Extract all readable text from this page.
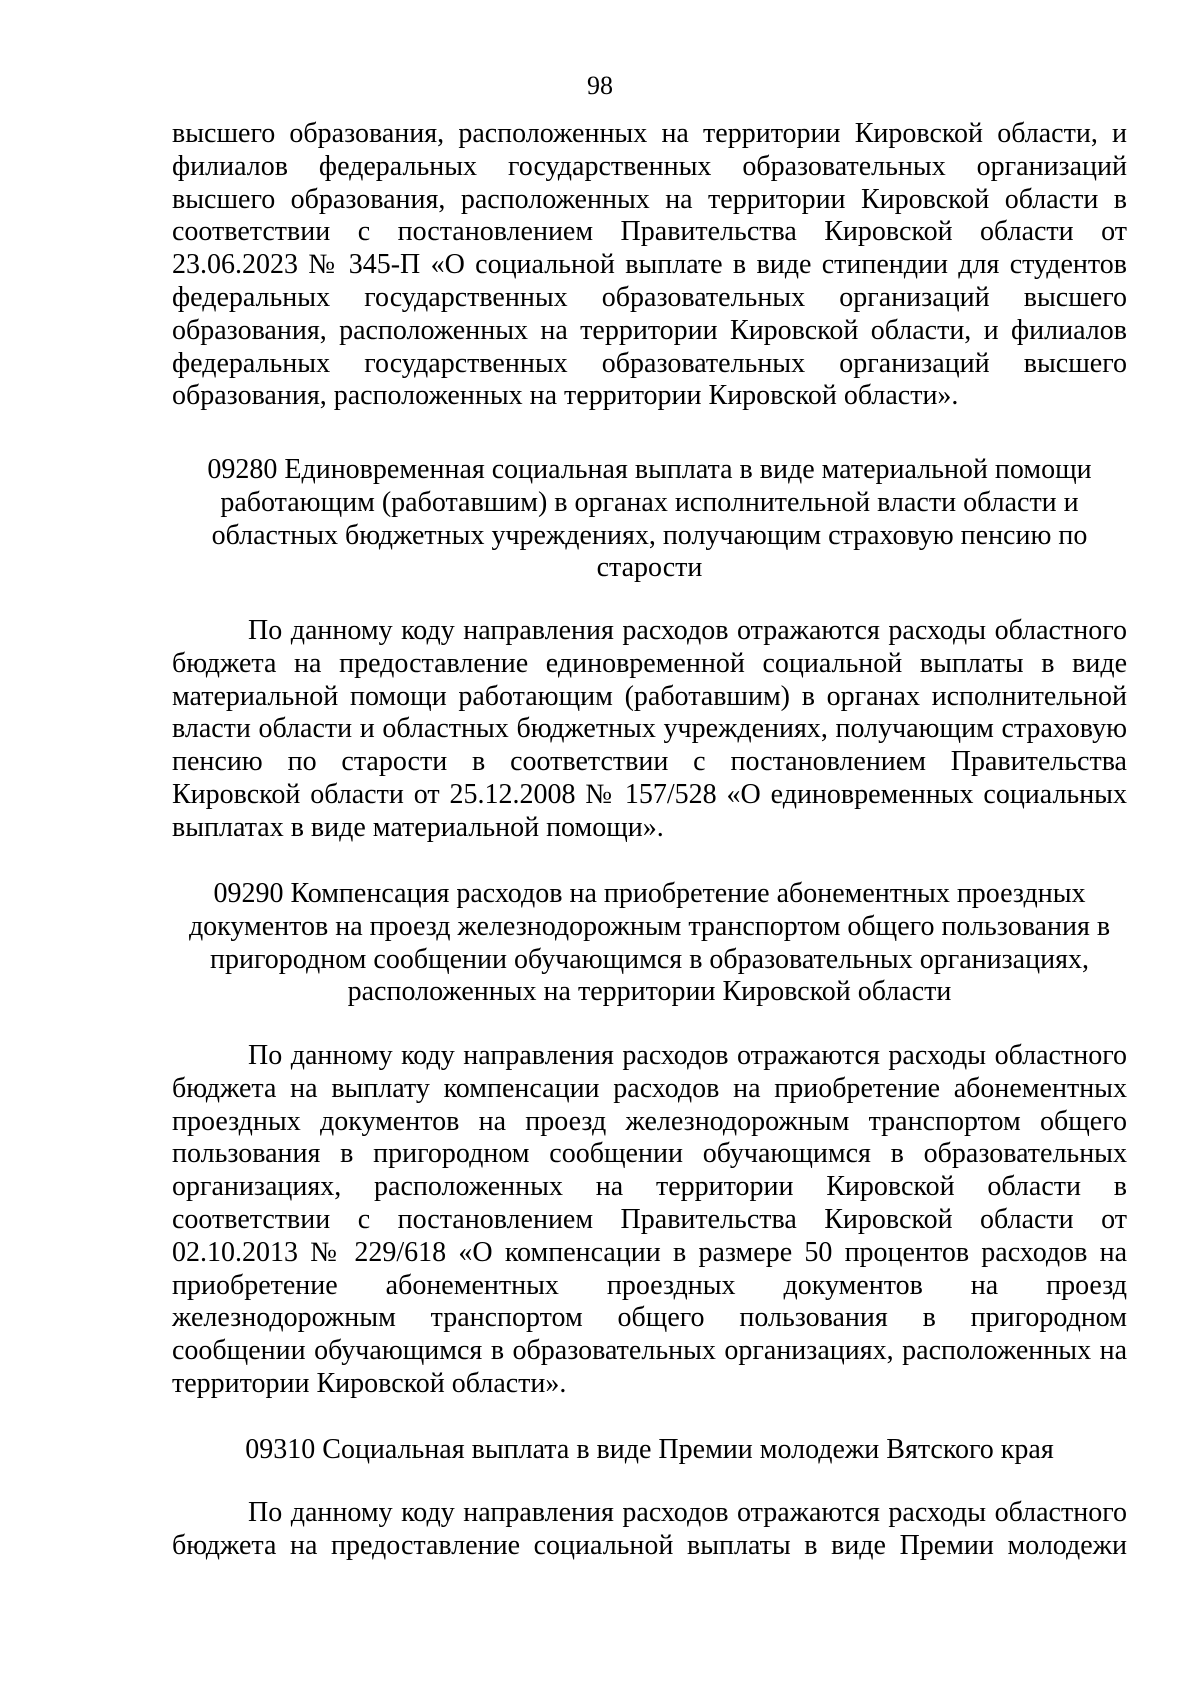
98
высшего образования, расположенных на территории Кировской области, и
филиалов федеральных государственных образовательных организаций
высшего образования, расположенных на территории Кировской области в
соответствии с постановлением Правительства Кировской области от
23.06.2023 № 345-П «О социальной выплате в виде стипендии для студентов
федеральных государственных образовательных организаций высшего
образования, расположенных на территории Кировской области, и филиалов
федеральных государственных образовательных организаций высшего
образования, расположенных на территории Кировской области».
09280 Единовременная социальная выплата в виде материальной помощи
работающим (работавшим) в органах исполнительной власти области и
областных бюджетных учреждениях, получающим страховую пенсию по
старости
По данному коду направления расходов отражаются расходы областного
бюджета на предоставление единовременной социальной выплаты в виде
материальной помощи работающим (работавшим) в органах исполнительной
власти области и областных бюджетных учреждениях, получающим страховую
пенсию по старости в соответствии с постановлением Правительства
Кировской области от 25.12.2008 № 157/528 «О единовременных социальных
выплатах в виде материальной помощи».
09290 Компенсация расходов на приобретение абонементных проездных
документов на проезд железнодорожным транспортом общего пользования в
пригородном сообщении обучающимся в образовательных организациях,
расположенных на территории Кировской области
По данному коду направления расходов отражаются расходы областного
бюджета на выплату компенсации расходов на приобретение абонементных
проездных документов на проезд железнодорожным транспортом общего
пользования в пригородном сообщении обучающимся в образовательных
организациях, расположенных на территории Кировской области в
соответствии с постановлением Правительства Кировской области от
02.10.2013 № 229/618 «О компенсации в размере 50 процентов расходов на
приобретение абонементных проездных документов на проезд
железнодорожным транспортом общего пользования в пригородном
сообщении обучающимся в образовательных организациях, расположенных на
территории Кировской области».
09310 Социальная выплата в виде Премии молодежи Вятского края
По данному коду направления расходов отражаются расходы областного
бюджета на предоставление социальной выплаты в виде Премии молодежи
